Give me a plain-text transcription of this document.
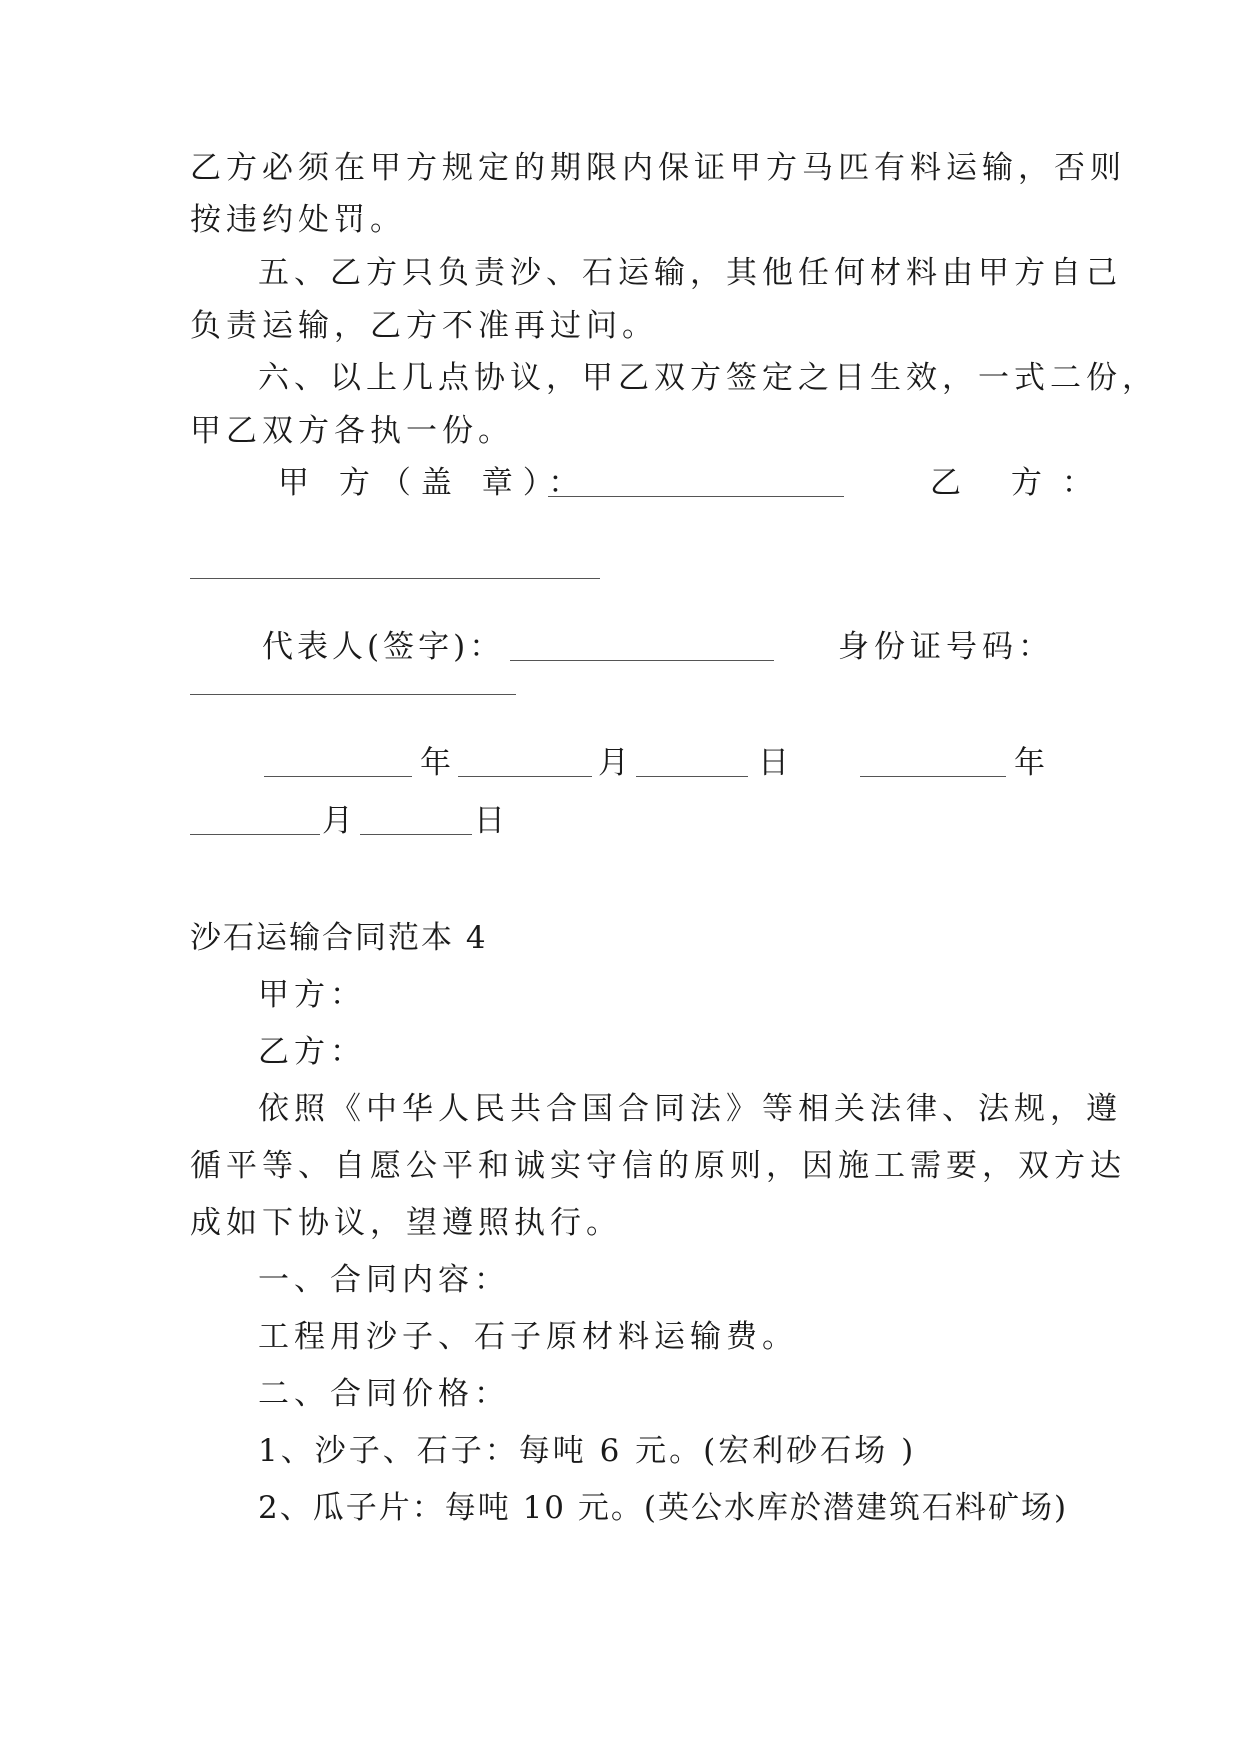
乙方必须在甲方规定的期限内保证甲方马匹有料运输，否则
按违约处罚。
五、乙方只负责沙、石运输，其他任何材料由甲方自己
负责运输，乙方不准再过问。
六、以上几点协议，甲乙双方签定之日生效，一式二份，
甲乙双方各执一份。
甲 方（盖 章）：	乙 方：
代表人(签字)：	身份证号码：
年	月	日	年
月	日
沙石运输合同范本 4
甲方：
乙方：
依照《中华人民共合国合同法》等相关法律、法规，遵
循平等、自愿公平和诚实守信的原则，因施工需要，双方达
成如下协议，望遵照执行。
一、合同内容：
工程用沙子、石子原材料运输费。
二、合同价格：
1、沙子、石子：每吨 6 元。(宏利砂石场 )
2、瓜子片：每吨 10 元。(英公水库於潜建筑石料矿场)
